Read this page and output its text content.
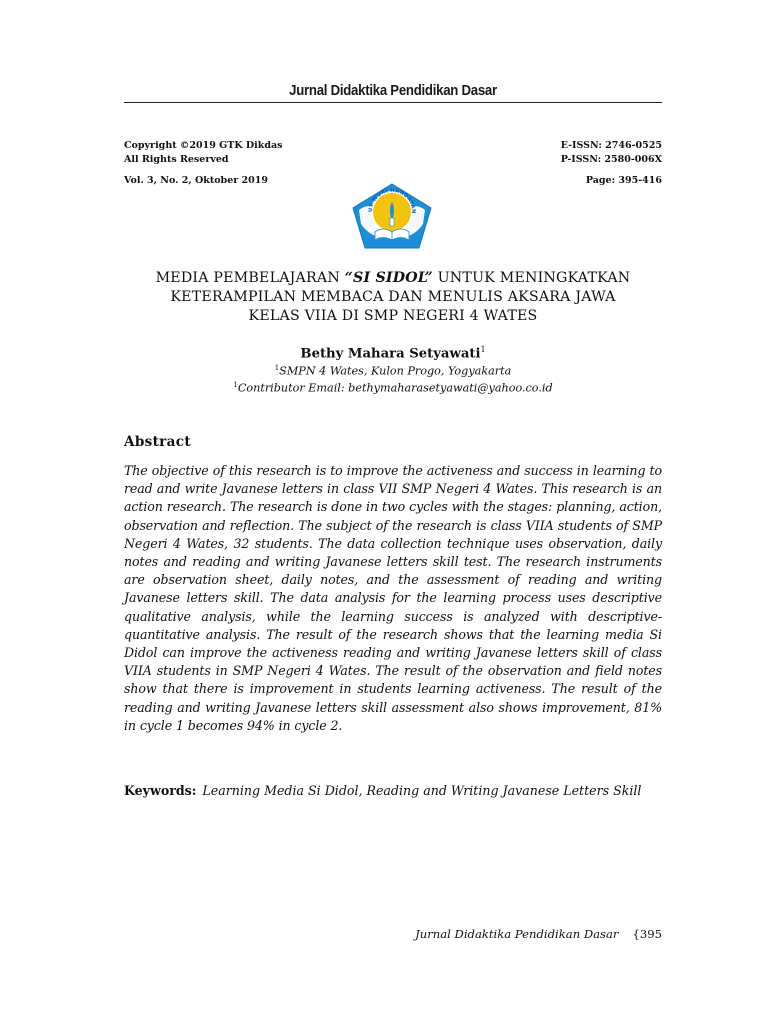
Jurnal Didaktika Pendidikan Dasar
Copyright ©2019 GTK Dikdas
All Rights Reserved
E-ISSN: 2746-0525
P-ISSN: 2580-006X
Vol. 3, No. 2, Oktober 2019	Page: 395-416
UT WURI HANDAYAN
MEDIA PEMBELAJARAN “SI SIDOL” UNTUK MENINGKATKAN
KETERAMPILAN MEMBACA DAN MENULIS AKSARA JAWA
KELAS VIIA DI SMP NEGERI 4 WATES
Bethy Mahara Setyawati$^1$
$^1$SMPN 4 Wates, Kulon Progo, Yogyakarta
$^1$Contributor Email: bethymaharasetyawati@yahoo.co.id
Abstract
The objective of this research is to improve the activeness and success in learning to read and write Javanese letters in class VII SMP Negeri 4 Wates. This research is an action research. The research is done in two cycles with the stages: planning, action, observation and reflection. The subject of the research is class VIIA students of SMP Negeri 4 Wates, 32 students. The data collection technique uses observation, daily notes and reading and writing Javanese letters skill test. The research instruments are observation sheet, daily notes, and the assessment of reading and writing Javanese letters skill. The data analysis for the learning process uses descriptive qualitative analysis, while the learning success is analyzed with descriptive-quantitative analysis. The result of the research shows that the learning media Si Didol can improve the activeness reading and writing Javanese letters skill of class VIIA students in SMP Negeri 4 Wates. The result of the observation and field notes show that there is improvement in students learning activeness. The result of the reading and writing Javanese letters skill assessment also shows improvement, 81% in cycle 1 becomes 94% in cycle 2.
Keywords: Learning Media Si Didol, Reading and Writing Javanese Letters Skill
Jurnal Didaktika Pendidikan Dasar {395
